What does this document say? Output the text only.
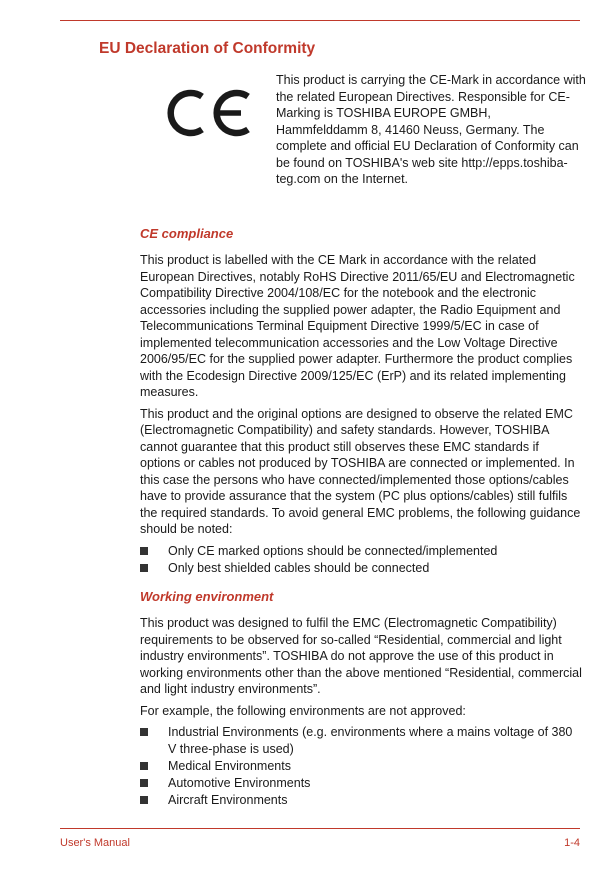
EU Declaration of Conformity

This product is carrying the CE-Mark in accordance with the related European Directives. Responsible for CE-Marking is TOSHIBA EUROPE GMBH, Hammfelddamm 8, 41460 Neuss, Germany. The complete and official EU Declaration of Conformity can be found on TOSHIBA's web site http://epps.toshiba-teg.com on the Internet.

CE compliance

This product is labelled with the CE Mark in accordance with the related European Directives, notably RoHS Directive 2011/65/EU and Electromagnetic Compatibility Directive 2004/108/EC for the notebook and the electronic accessories including the supplied power adapter, the Radio Equipment and Telecommunications Terminal Equipment Directive 1999/5/EC in case of implemented telecommunication accessories and the Low Voltage Directive 2006/95/EC for the supplied power adapter. Furthermore the product complies with the Ecodesign Directive 2009/125/EC (ErP) and its related implementing measures.

This product and the original options are designed to observe the related EMC (Electromagnetic Compatibility) and safety standards. However, TOSHIBA cannot guarantee that this product still observes these EMC standards if options or cables not produced by TOSHIBA are connected or implemented. In this case the persons who have connected/implemented those options/cables have to provide assurance that the system (PC plus options/cables) still fulfils the required standards. To avoid general EMC problems, the following guidance should be noted:

Only CE marked options should be connected/implemented
Only best shielded cables should be connected
Working environment

This product was designed to fulfil the EMC (Electromagnetic Compatibility) requirements to be observed for so-called “Residential, commercial and light industry environments”. TOSHIBA do not approve the use of this product in working environments other than the above mentioned “Residential, commercial and light industry environments”.

For example, the following environments are not approved:

Industrial Environments (e.g. environments where a mains voltage of 380 V three-phase is used)
Medical Environments
Automotive Environments
Aircraft Environments
User's Manual	1-4
